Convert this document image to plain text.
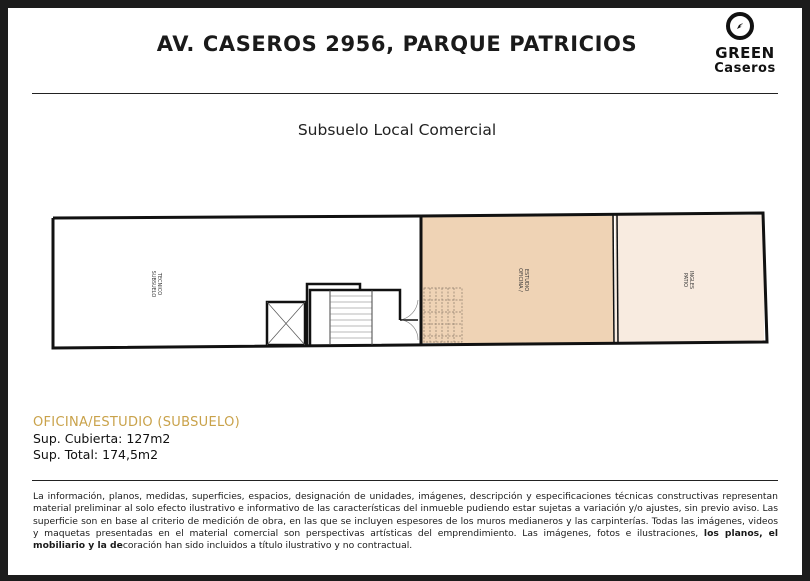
AV. CASEROS 2956, PARQUE PATRICIOS	GREEN
Caseros
Subsuelo Local Comercial
SUBSUELO TECNICO	OFICINA / ESTUDIO	PATIO INGLES
OFICINA/ESTUDIO (SUBSUELO)
Sup. Cubierta: 127m2
Sup. Total: 174,5m2
La información, planos, medidas, superficies, espacios, designación de unidades, imágenes, descripción y especificaciones técnicas constructivas representan material preliminar al solo efecto ilustrativo e informativo de las características del inmueble pudiendo estar sujetas a variación y/o ajustes, sin previo aviso. Las superficie son en base al criterio de medición de obra, en las que se incluyen espesores de los muros medianeros y las carpinterías. Todas las imágenes, videos y maquetas presentadas en el material comercial son perspectivas artísticas del emprendimiento. Las imágenes, fotos e ilustraciones, los planos, el mobiliario y la decoración han sido incluidos a título ilustrativo y no contractual.
